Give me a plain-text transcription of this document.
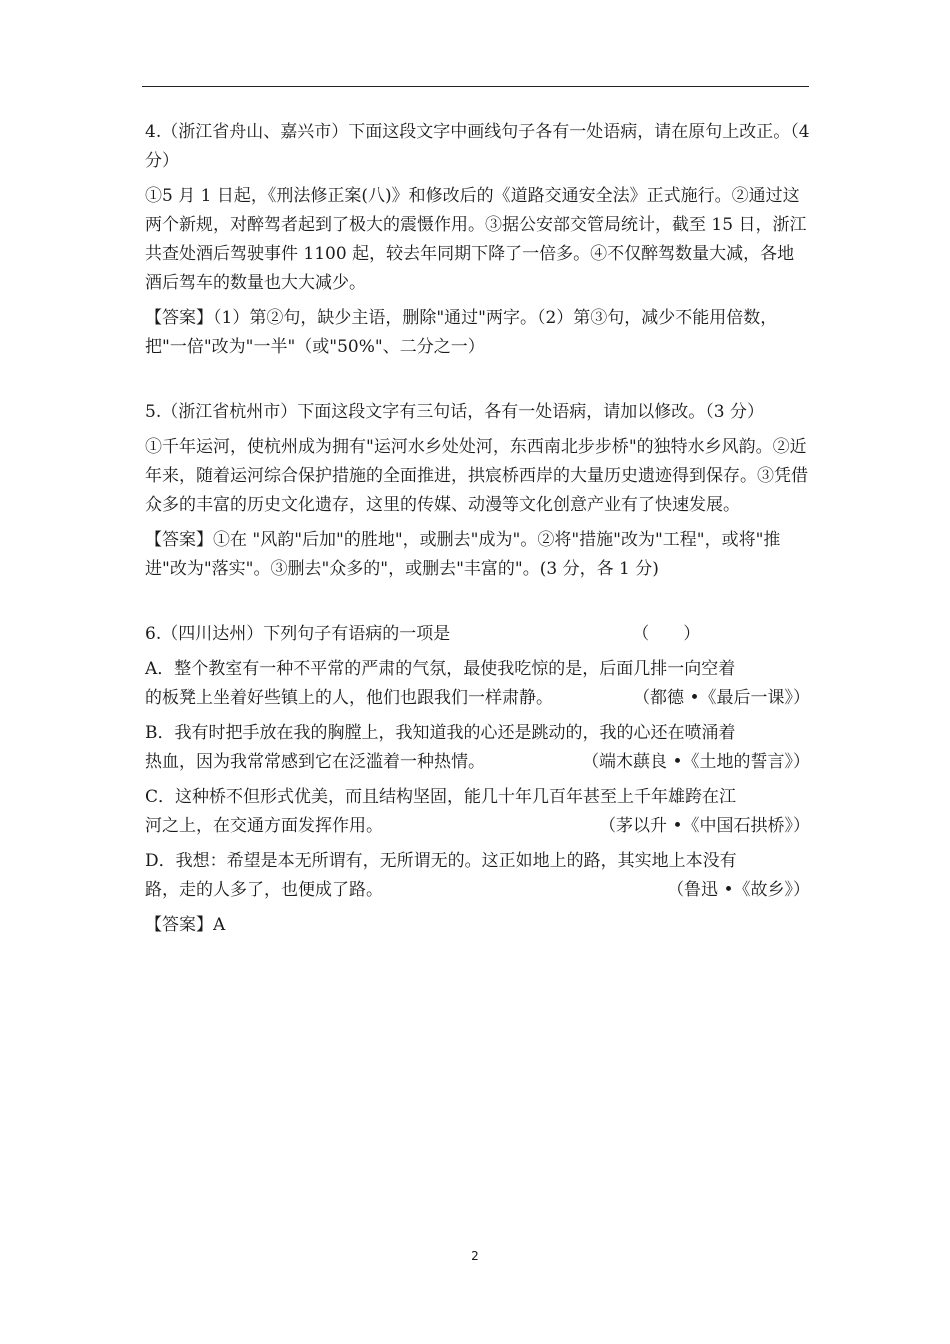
4.（浙江省舟山、嘉兴市）下面这段文字中画线句子各有一处语病，请在原句上改正。（4 分）

①5 月 1 日起，《刑法修正案(八)》和修改后的《道路交通安全法》正式施行。②通过这两个新规，对醉驾者起到了极大的震慑作用。③据公安部交管局统计，截至 15 日，浙江共查处酒后驾驶事件 1100 起，较去年同期下降了一倍多。④不仅醉驾数量大减，各地酒后驾车的数量也大大减少。

【答案】（1）第②句，缺少主语，删除"通过"两字。（2）第③句，减少不能用倍数，把"一倍"改为"一半"（或"50%"、二分之一）

5.（浙江省杭州市）下面这段文字有三句话，各有一处语病，请加以修改。（3 分）

①千年运河，使杭州成为拥有"运河水乡处处河，东西南北步步桥"的独特水乡风韵。②近年来，随着运河综合保护措施的全面推进，拱宸桥西岸的大量历史遗迹得到保存。③凭借众多的丰富的历史文化遗存，这里的传媒、动漫等文化创意产业有了快速发展。

【答案】①在 "风韵"后加"的胜地"，或删去"成为"。②将"措施"改为"工程"，或将"推进"改为"落实"。③删去"众多的"，或删去"丰富的"。(3 分，各 1 分)

6.（四川达州）下列句子有语病的一项是	（　　）

A．整个教室有一种不平常的严肃的气氛，最使我吃惊的是，后面几排一向空着
的板凳上坐着好些镇上的人，他们也跟我们一样肃静。	（都德 •《最后一课》）
B．我有时把手放在我的胸膛上，我知道我的心还是跳动的，我的心还在喷涌着
热血，因为我常常感到它在泛滥着一种热情。	（端木蕻良 •《土地的誓言》）
C．这种桥不但形式优美，而且结构坚固，能几十年几百年甚至上千年雄跨在江
河之上，在交通方面发挥作用。	（茅以升 •《中国石拱桥》）
D．我想：希望是本无所谓有，无所谓无的。这正如地上的路，其实地上本没有
路，走的人多了，也便成了路。	（鲁迅 •《故乡》）

【答案】A

2
